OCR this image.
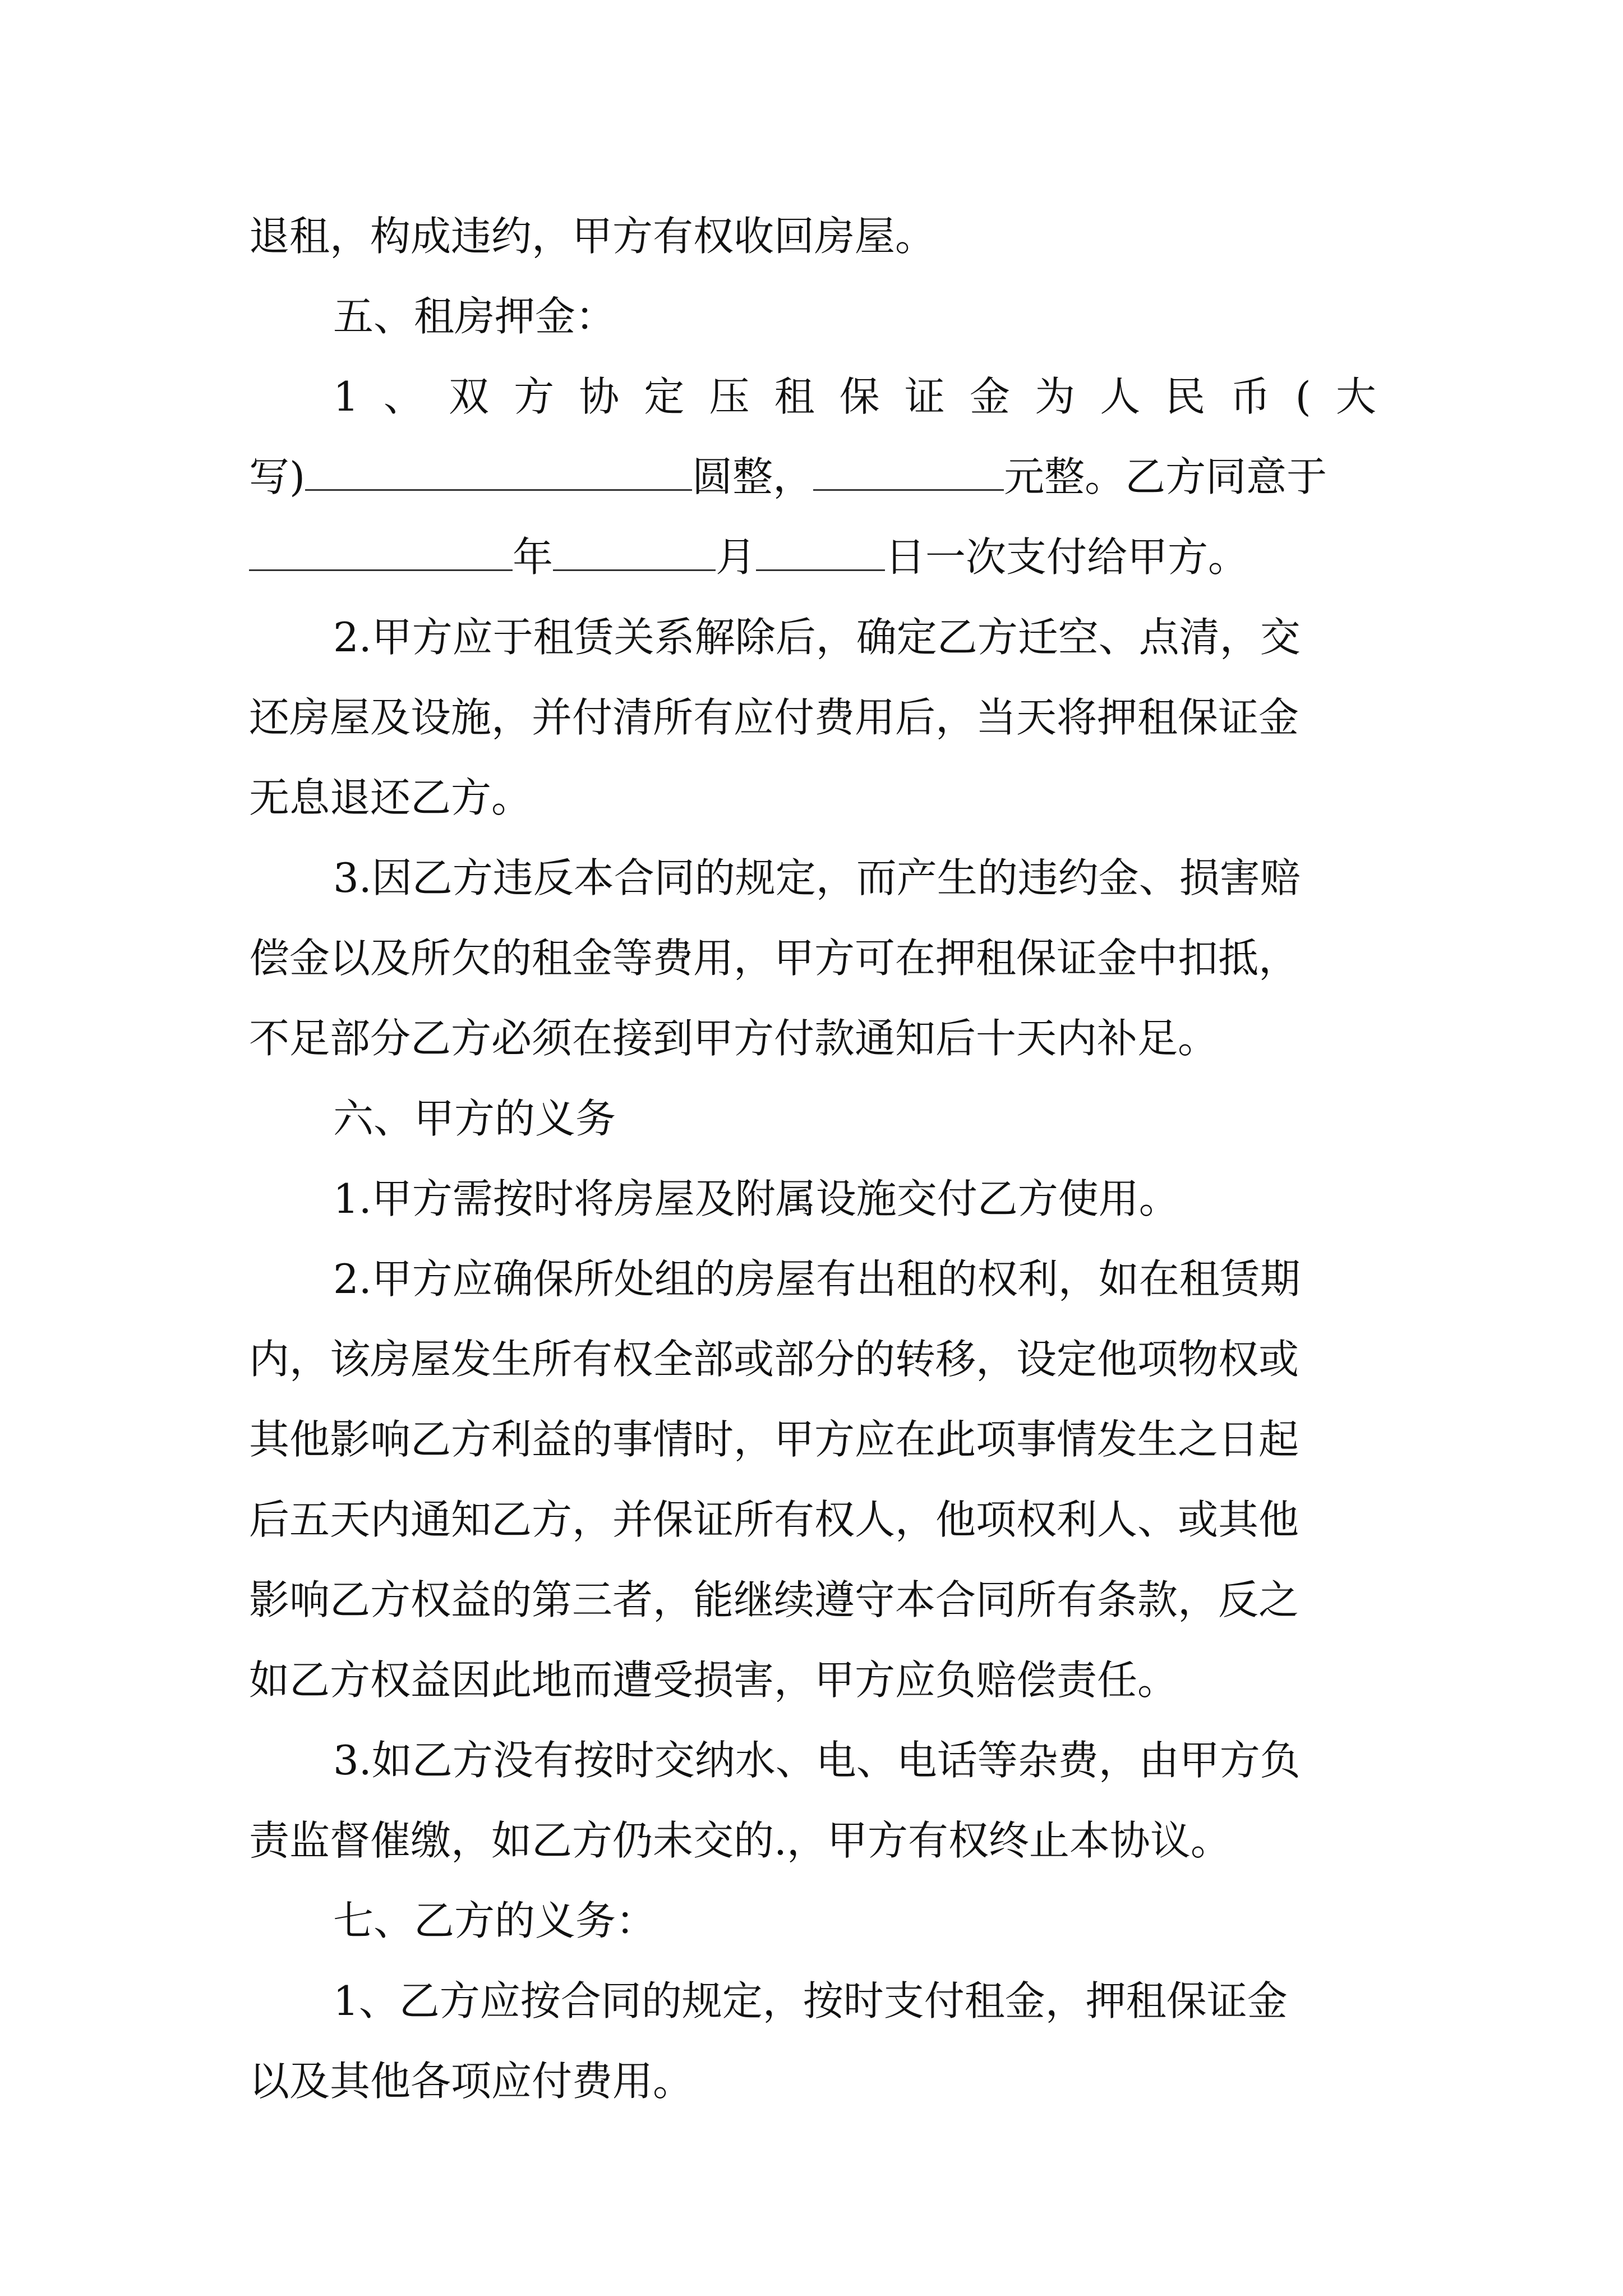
退租，构成违约，甲方有权收回房屋。
五、租房押金：
1 、 双 方 协 定 压 租 保 证 金 为 人 民 币 ( 大
写)	圆整，	元整。乙方同意于
年	月	日一次支付给甲方。
2.甲方应于租赁关系解除后，确定乙方迁空、点清，交
还房屋及设施，并付清所有应付费用后，当天将押租保证金
无息退还乙方。
3.因乙方违反本合同的规定，而产生的违约金、损害赔
偿金以及所欠的租金等费用，甲方可在押租保证金中扣抵，
不足部分乙方必须在接到甲方付款通知后十天内补足。
六、甲方的义务
1.甲方需按时将房屋及附属设施交付乙方使用。
2.甲方应确保所处组的房屋有出租的权利，如在租赁期
内，该房屋发生所有权全部或部分的转移，设定他项物权或
其他影响乙方利益的事情时，甲方应在此项事情发生之日起
后五天内通知乙方，并保证所有权人，他项权利人、或其他
影响乙方权益的第三者，能继续遵守本合同所有条款，反之
如乙方权益因此地而遭受损害，甲方应负赔偿责任。
3.如乙方没有按时交纳水、电、电话等杂费，由甲方负
责监督催缴，如乙方仍未交的.，甲方有权终止本协议。
七、乙方的义务：
1、乙方应按合同的规定，按时支付租金，押租保证金
以及其他各项应付费用。
